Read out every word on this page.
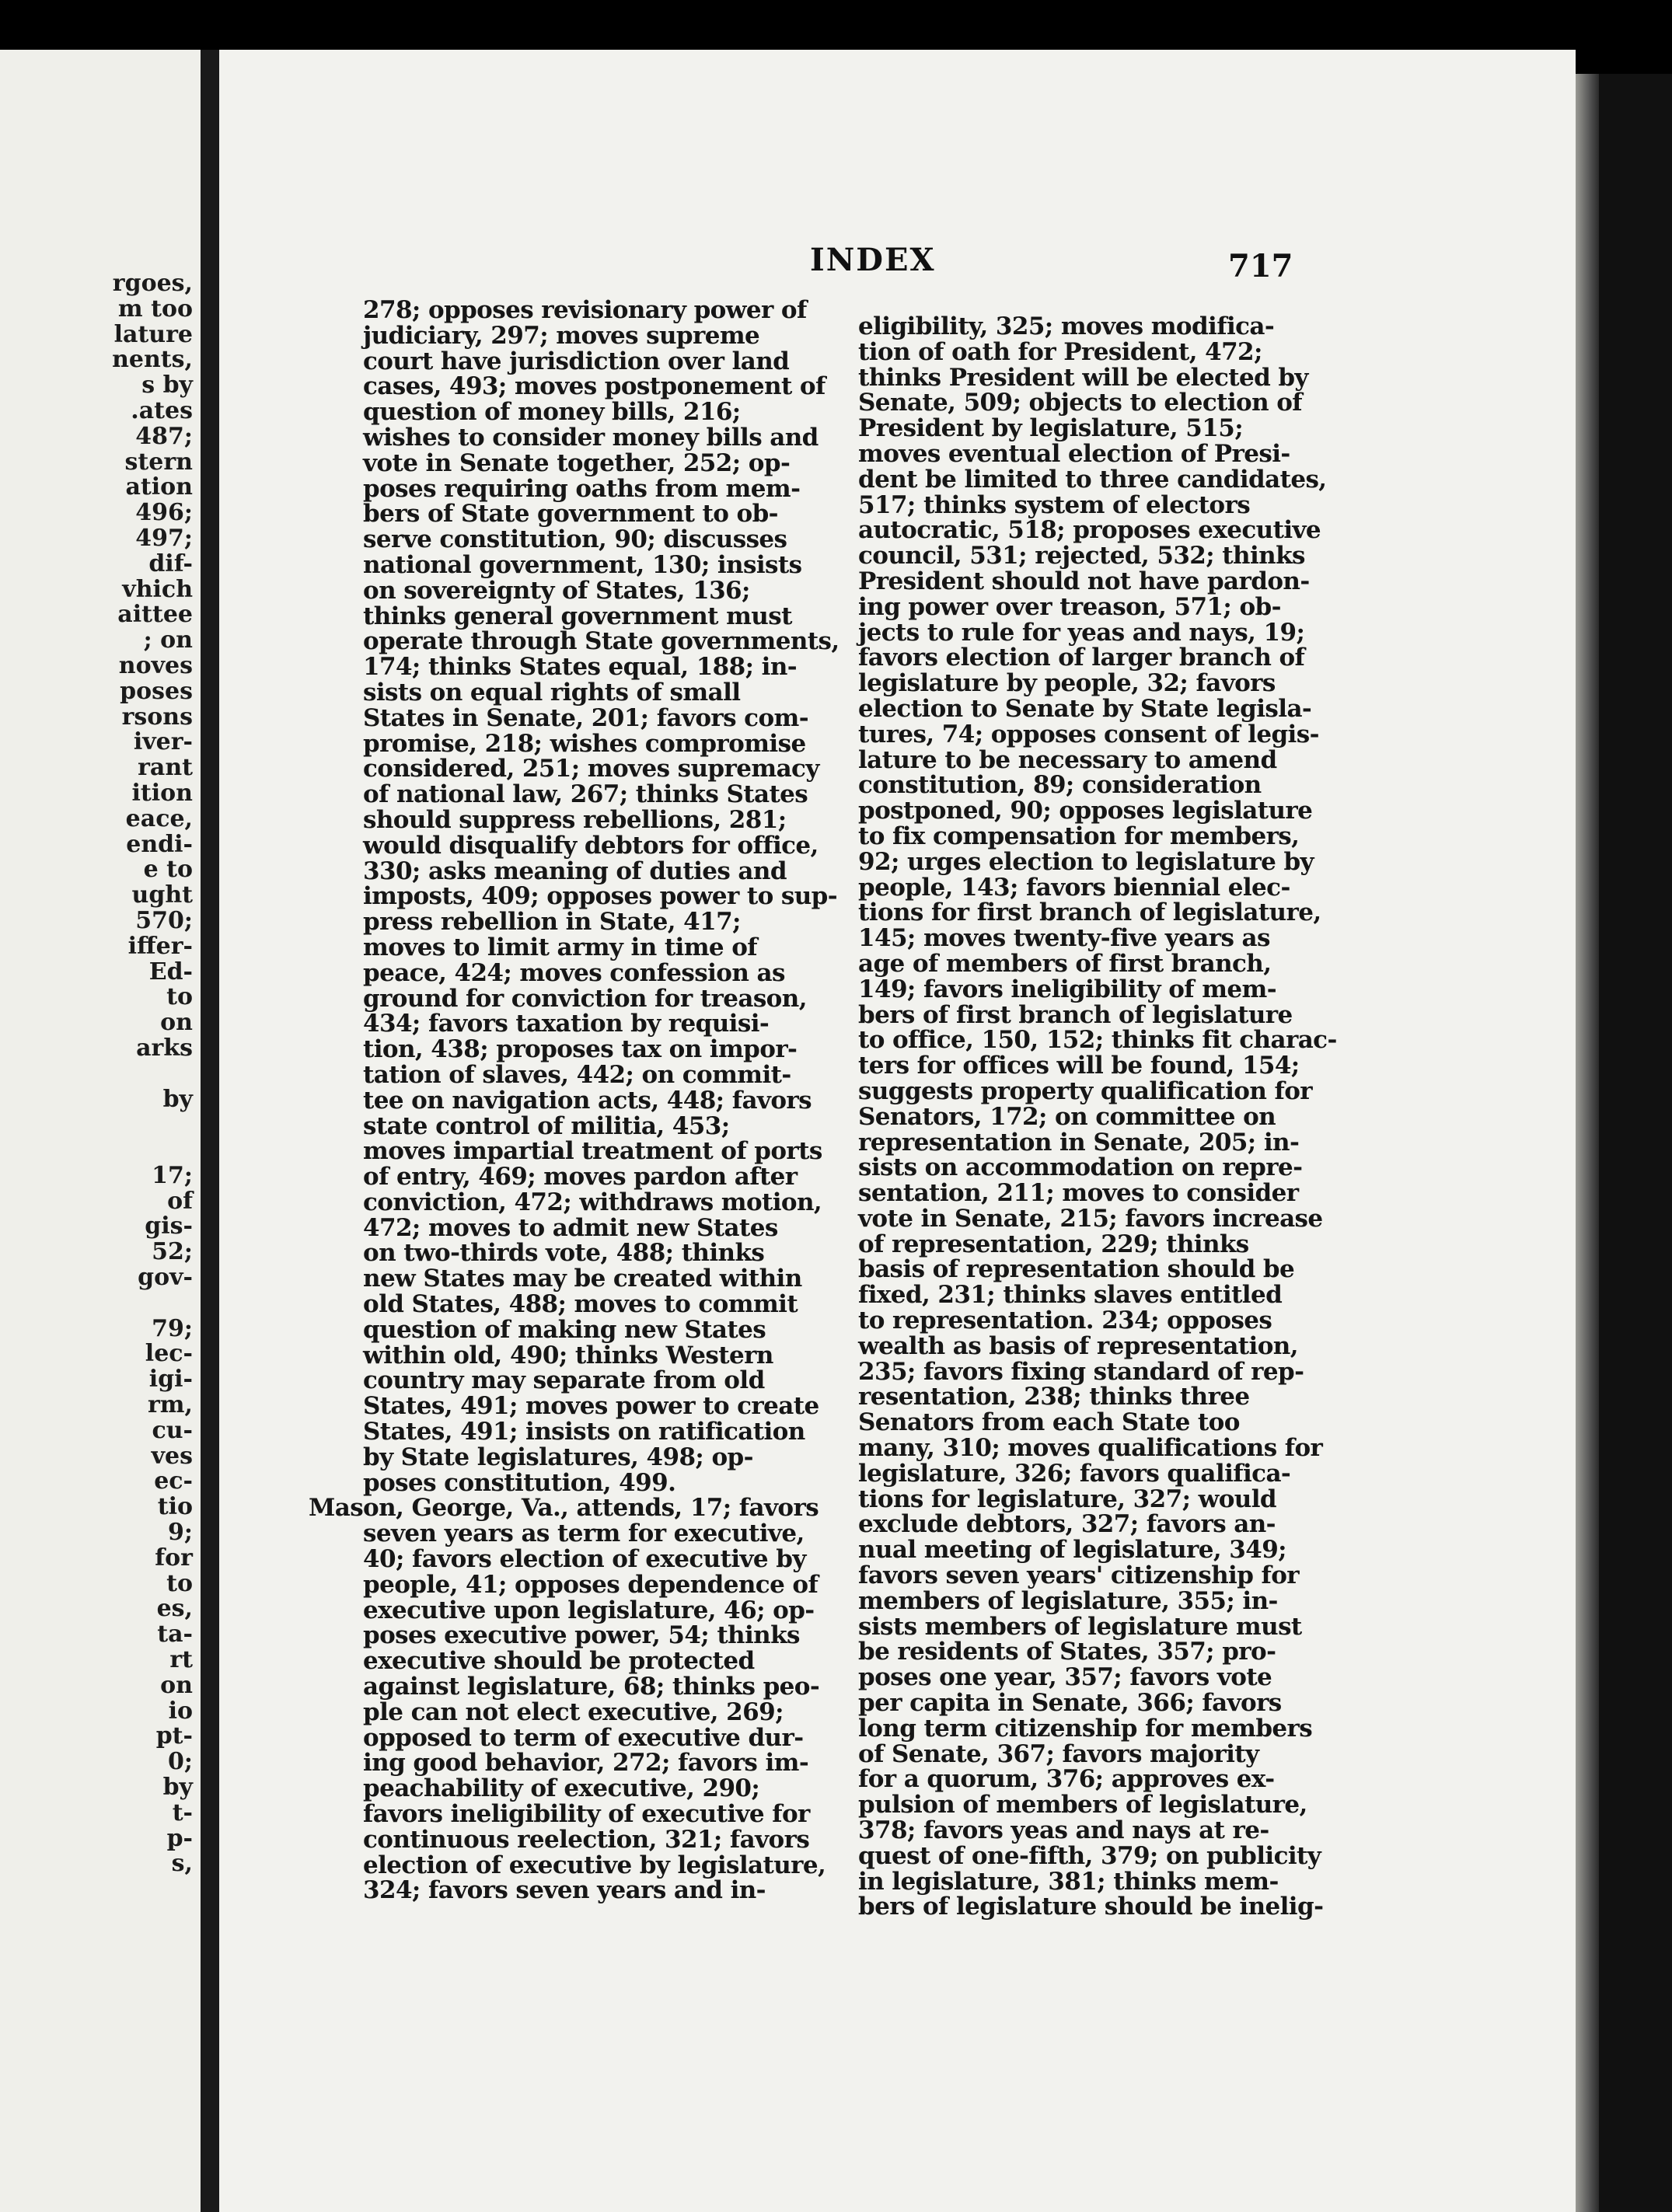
rgoes,
m too
lature
nents,
s by
.ates
487;
stern
ation
496;
497;
dif-
vhich
aittee
; on
noves
poses
rsons
iver-
rant
ition
eace,
endi-
e to
ught
570;
iffer-
Ed-
to
on
arks
by
17;
of
gis-
52;
gov-
79;
lec-
igi-
rm,
cu-
ves
ec-
tio
9;
for
to
es,
ta-
rt
on
io
pt-
0;
by
t-
p-
s,
INDEX	717
278; opposes revisionary power of
judiciary, 297; moves supreme
court have jurisdiction over land
cases, 493; moves postponement of
question of money bills, 216;
wishes to consider money bills and
vote in Senate together, 252; op-
poses requiring oaths from mem-
bers of State government to ob-
serve constitution, 90; discusses
national government, 130; insists
on sovereignty of States, 136;
thinks general government must
operate through State governments,
174; thinks States equal, 188; in-
sists on equal rights of small
States in Senate, 201; favors com-
promise, 218; wishes compromise
considered, 251; moves supremacy
of national law, 267; thinks States
should suppress rebellions, 281;
would disqualify debtors for office,
330; asks meaning of duties and
imposts, 409; opposes power to sup-
press rebellion in State, 417;
moves to limit army in time of
peace, 424; moves confession as
ground for conviction for treason,
434; favors taxation by requisi-
tion, 438; proposes tax on impor-
tation of slaves, 442; on commit-
tee on navigation acts, 448; favors
state control of militia, 453;
moves impartial treatment of ports
of entry, 469; moves pardon after
conviction, 472; withdraws motion,
472; moves to admit new States
on two-thirds vote, 488; thinks
new States may be created within
old States, 488; moves to commit
question of making new States
within old, 490; thinks Western
country may separate from old
States, 491; moves power to create
States, 491; insists on ratification
by State legislatures, 498; op-
poses constitution, 499.
Mason, George, Va., attends, 17; favors
seven years as term for executive,
40; favors election of executive by
people, 41; opposes dependence of
executive upon legislature, 46; op-
poses executive power, 54; thinks
executive should be protected
against legislature, 68; thinks peo-
ple can not elect executive, 269;
opposed to term of executive dur-
ing good behavior, 272; favors im-
peachability of executive, 290;
favors ineligibility of executive for
continuous reelection, 321; favors
election of executive by legislature,
324; favors seven years and in-
eligibility, 325; moves modifica-
tion of oath for President, 472;
thinks President will be elected by
Senate, 509; objects to election of
President by legislature, 515;
moves eventual election of Presi-
dent be limited to three candidates,
517; thinks system of electors
autocratic, 518; proposes executive
council, 531; rejected, 532; thinks
President should not have pardon-
ing power over treason, 571; ob-
jects to rule for yeas and nays, 19;
favors election of larger branch of
legislature by people, 32; favors
election to Senate by State legisla-
tures, 74; opposes consent of legis-
lature to be necessary to amend
constitution, 89; consideration
postponed, 90; opposes legislature
to fix compensation for members,
92; urges election to legislature by
people, 143; favors biennial elec-
tions for first branch of legislature,
145; moves twenty-five years as
age of members of first branch,
149; favors ineligibility of mem-
bers of first branch of legislature
to office, 150, 152; thinks fit charac-
ters for offices will be found, 154;
suggests property qualification for
Senators, 172; on committee on
representation in Senate, 205; in-
sists on accommodation on repre-
sentation, 211; moves to consider
vote in Senate, 215; favors increase
of representation, 229; thinks
basis of representation should be
fixed, 231; thinks slaves entitled
to representation. 234; opposes
wealth as basis of representation,
235; favors fixing standard of rep-
resentation, 238; thinks three
Senators from each State too
many, 310; moves qualifications for
legislature, 326; favors qualifica-
tions for legislature, 327; would
exclude debtors, 327; favors an-
nual meeting of legislature, 349;
favors seven years' citizenship for
members of legislature, 355; in-
sists members of legislature must
be residents of States, 357; pro-
poses one year, 357; favors vote
per capita in Senate, 366; favors
long term citizenship for members
of Senate, 367; favors majority
for a quorum, 376; approves ex-
pulsion of members of legislature,
378; favors yeas and nays at re-
quest of one-fifth, 379; on publicity
in legislature, 381; thinks mem-
bers of legislature should be inelig-
